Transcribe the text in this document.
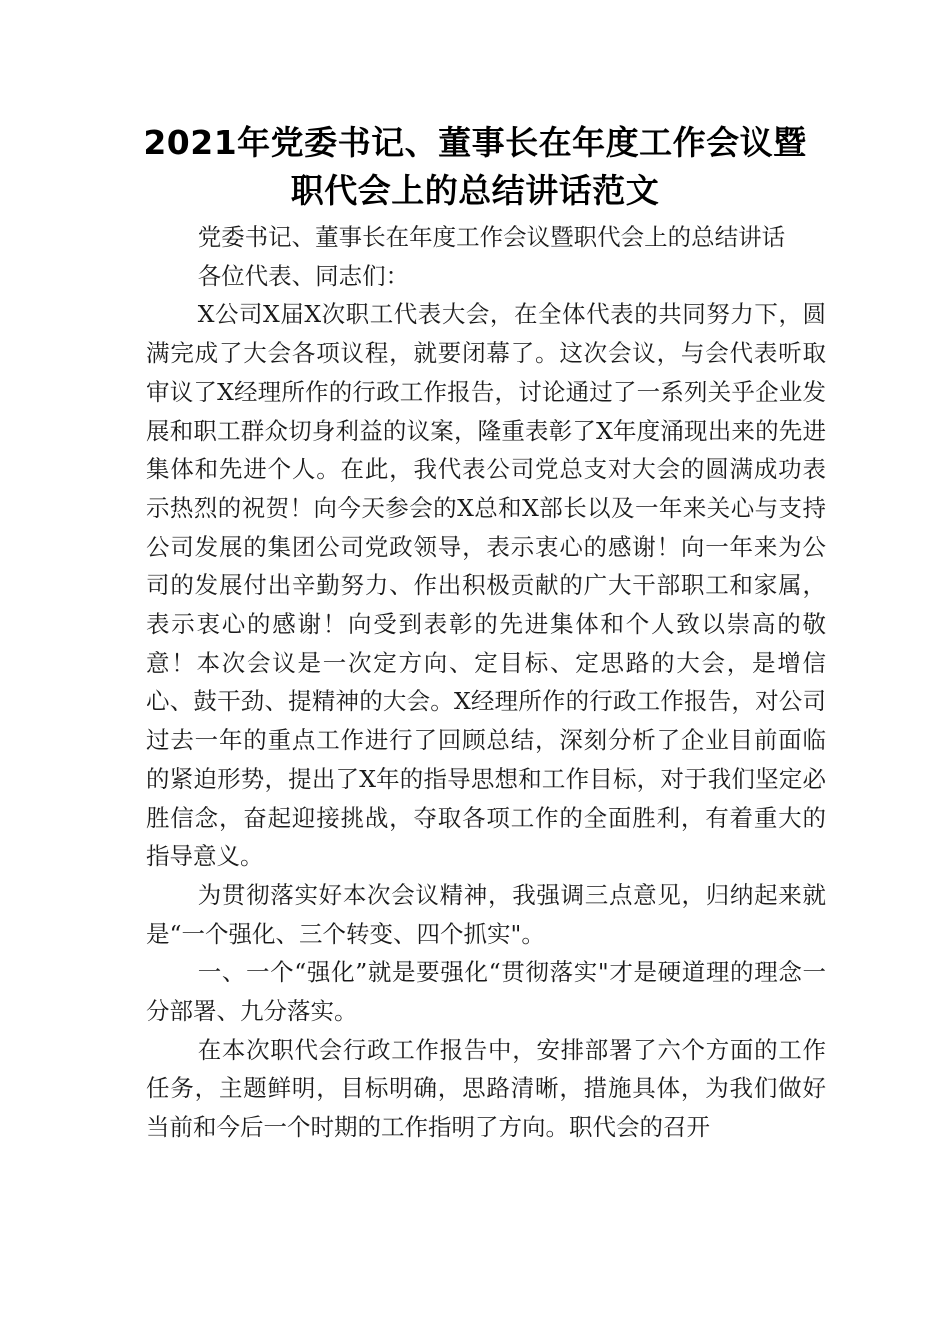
2021年党委书记、董事长在年度工作会议暨
职代会上的总结讲话范文

党委书记、董事长在年度工作会议暨职代会上的总结讲话

各位代表、同志们：

X公司X届X次职工代表大会，在全体代表的共同努力下，圆满完成了大会各项议程，就要闭幕了。这次会议，与会代表听取审议了X经理所作的行政工作报告，讨论通过了一系列关乎企业发展和职工群众切身利益的议案，隆重表彰了X年度涌现出来的先进集体和先进个人。在此，我代表公司党总支对大会的圆满成功表示热烈的祝贺！向今天参会的X总和X部长以及一年来关心与支持公司发展的集团公司党政领导，表示衷心的感谢！向一年来为公司的发展付出辛勤努力、作出积极贡献的广大干部职工和家属，表示衷心的感谢！向受到表彰的先进集体和个人致以崇高的敬意！本次会议是一次定方向、定目标、定思路的大会，是增信心、鼓干劲、提精神的大会。X经理所作的行政工作报告，对公司过去一年的重点工作进行了回顾总结，深刻分析了企业目前面临的紧迫形势，提出了X年的指导思想和工作目标，对于我们坚定必胜信念，奋起迎接挑战，夺取各项工作的全面胜利，有着重大的指导意义。

为贯彻落实好本次会议精神，我强调三点意见，归纳起来就是“一个强化、三个转变、四个抓实"。

一、一个“强化”就是要强化“贯彻落实"才是硬道理的理念一分部署、九分落实。

在本次职代会行政工作报告中，安排部署了六个方面的工作任务，主题鲜明，目标明确，思路清晰，措施具体，为我们做好当前和今后一个时期的工作指明了方向。职代会的召开
